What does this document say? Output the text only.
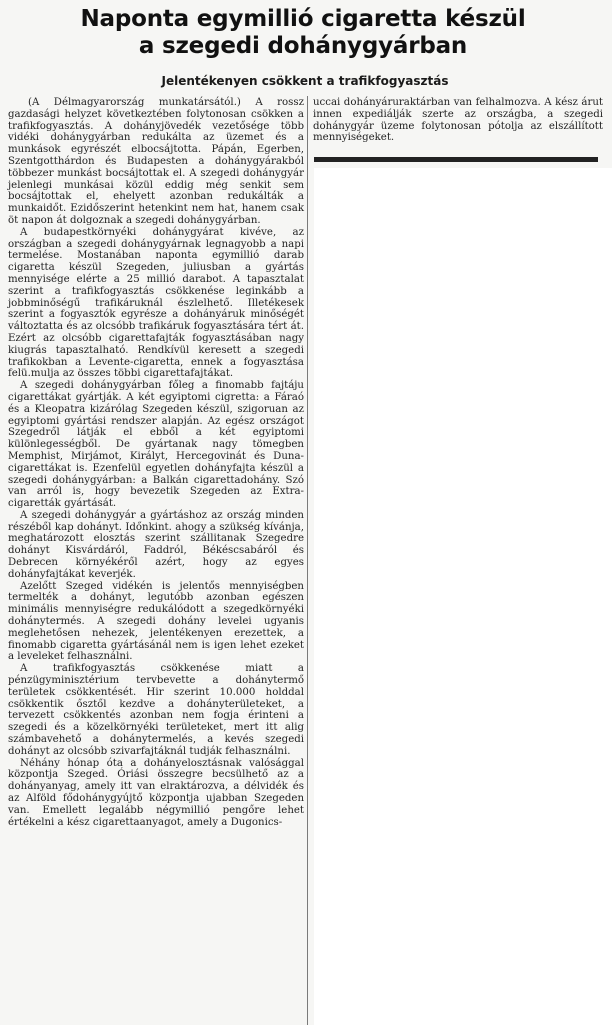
Naponta egymillió cigaretta készül
a szegedi dohánygyárban
Jelentékenyen csökkent a trafikfogyasztás

(A Délmagyarország munkatársától.) A rossz gazdasági helyzet következtében folytonosan csökken a trafikfogyasztás. A dohányjövedék vezetősége több vidéki dohánygyárban redukálta az üzemet és a munkások egyrészét elbocsájtotta. Pápán, Egerben, Szentgotthárdon és Budapesten a dohánygyárakból többezer munkást bocsájtottak el. A szegedi dohánygyár jelenlegi munkásai közül eddig még senkit sem bocsájtottak el, ehelyett azonban redukálták a munkaidőt. Ezidőszerint hetenkint nem hat, hanem csak öt napon át dolgoznak a szegedi dohánygyárban.

A budapestkörnyéki dohánygyárat kivéve, az országban a szegedi dohánygyárnak legnagyobb a napi termelése. Mostanában naponta egymillió darab cigaretta készül Szegeden, juliusban a gyártás mennyisége elérte a 25 millió darabot. A tapasztalat szerint a trafikfogyasztás csökkenése leginkább a jobbminőségű trafikáruknál észlelhető. Illetékesek szerint a fogyasztók egyrésze a dohányáruk minőségét változtatta és az olcsóbb trafikáruk fogyasztására tért át. Ezért az olcsóbb cigarettafajták fogyasztásában nagy kiugrás tapasztalható. Rendkívül keresett a szegedi trafikokban a Levente-cigaretta, ennek a fogyasztása felü.mulja az összes többi cigarettafajtákat.

A szegedi dohánygyárban főleg a finomabb fajtáju cigarettákat gyártják. A két egyiptomi cigretta: a Fáraó és a Kleopatra kizárólag Szegeden készül, szigoruan az egyiptomi gyártási rendszer alapján. Az egész országot Szegedről látják el ebből a két egyiptomi különlegességből. De gyártanak nagy tömegben Memphist, Mirjámot, Királyt, Hercegovinát és Duna-cigarettákat is. Ezenfelül egyetlen dohányfajta készül a szegedi dohánygyárban: a Balkán cigarettadohány. Szó van arról is, hogy bevezetik Szegeden az Extra-cigaretták gyártását.

A szegedi dohánygyár a gyártáshoz az ország minden részéből kap dohányt. Időnkint. ahogy a szükség kívánja, meghatározott elosztás szerint szállitanak Szegedre dohányt Kisvárdáról, Faddról, Békéscsabáról és Debrecen környékéről azért, hogy az egyes dohányfajtákat keverjék.

Azelőtt Szeged vidékén is jelentős mennyiségben termelték a dohányt, legutóbb azonban egészen minimális mennyiségre redukálódott a szegedkörnyéki dohánytermés. A szegedi dohány levelei ugyanis meglehetősen nehezek, jelentékenyen erezettek, a finomabb cigaretta gyártásánál nem is igen lehet ezeket a leveleket felhasználni.

A trafikfogyasztás csökkenése miatt a pénzügyminisztérium tervbevette a dohánytermő területek csökkentését. Hir szerint 10.000 holddal csökkentik ősztől kezdve a dohányterületeket, a tervezett csökkentés azonban nem fogja érinteni a szegedi és a közelkörnyéki területeket, mert itt alig számbavehető a dohánytermelés, a kevés szegedi dohányt az olcsóbb szivarfajtáknál tudják felhasználni.

Néhány hónap óta a dohányelosztásnak valósággal központja Szeged. Óriási összegre becsülhető az a dohányanyag, amely itt van elraktározva, a délvidék és az Alföld fődohánygyújtő központja ujabban Szegeden van. Emellett legalább négymillió pengőre lehet értékelni a kész cigarettaanyagot, amely a Dugonics-

uccai dohányáruraktárban van felhalmozva. A kész árut innen expediálják szerte az országba, a szegedi dohánygyár üzeme folytonosan pótolja az elszállított mennyiségeket.
